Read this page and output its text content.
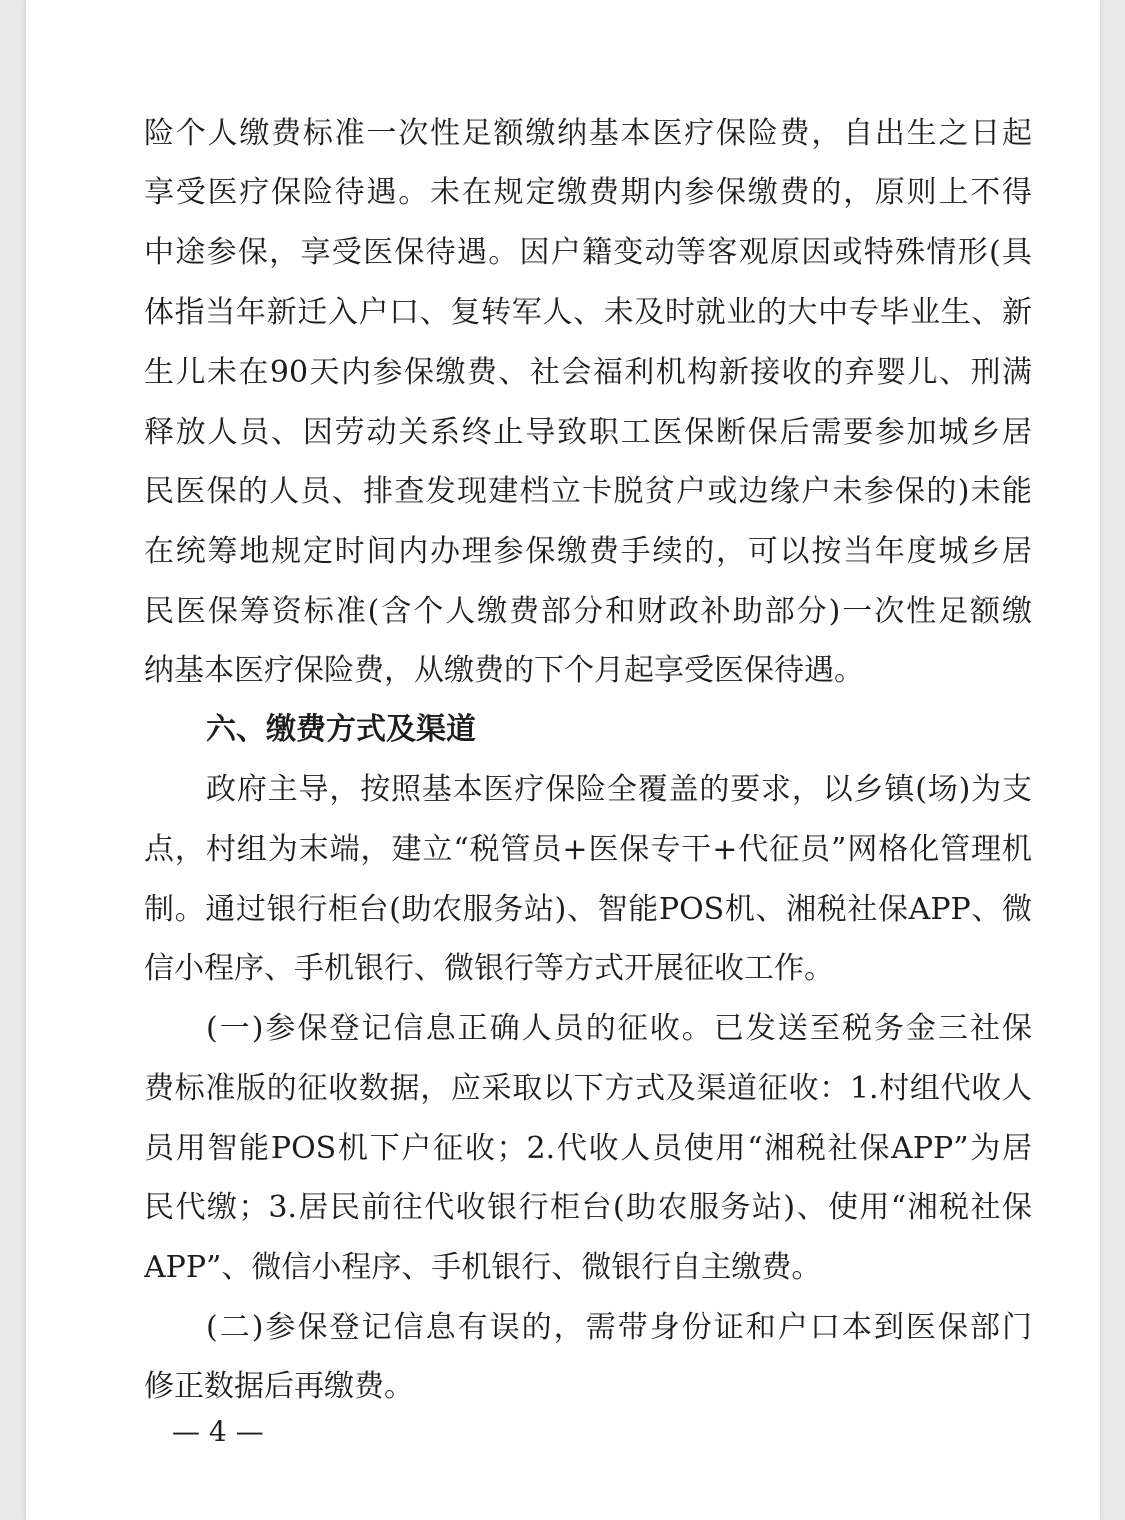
险个人缴费标准一次性足额缴纳基本医疗保险费，自出生之日起
享受医疗保险待遇。未在规定缴费期内参保缴费的，原则上不得
中途参保，享受医保待遇。因户籍变动等客观原因或特殊情形(具
体指当年新迁入户口、复转军人、未及时就业的大中专毕业生、新
生儿未在90天内参保缴费、社会福利机构新接收的弃婴儿、刑满
释放人员、因劳动关系终止导致职工医保断保后需要参加城乡居
民医保的人员、排查发现建档立卡脱贫户或边缘户未参保的)未能
在统筹地规定时间内办理参保缴费手续的，可以按当年度城乡居
民医保筹资标准(含个人缴费部分和财政补助部分)一次性足额缴
纳基本医疗保险费，从缴费的下个月起享受医保待遇。
六、缴费方式及渠道
政府主导，按照基本医疗保险全覆盖的要求，以乡镇(场)为支
点，村组为末端，建立“税管员+医保专干+代征员”网格化管理机
制。通过银行柜台(助农服务站)、智能POS机、湘税社保APP、微
信小程序、手机银行、微银行等方式开展征收工作。
(一)参保登记信息正确人员的征收。已发送至税务金三社保
费标准版的征收数据，应采取以下方式及渠道征收：1.村组代收人
员用智能POS机下户征收；2.代收人员使用“湘税社保APP”为居
民代缴；3.居民前往代收银行柜台(助农服务站)、使用“湘税社保
APP”、微信小程序、手机银行、微银行自主缴费。
(二)参保登记信息有误的，需带身份证和户口本到医保部门
修正数据后再缴费。
— 4 —
